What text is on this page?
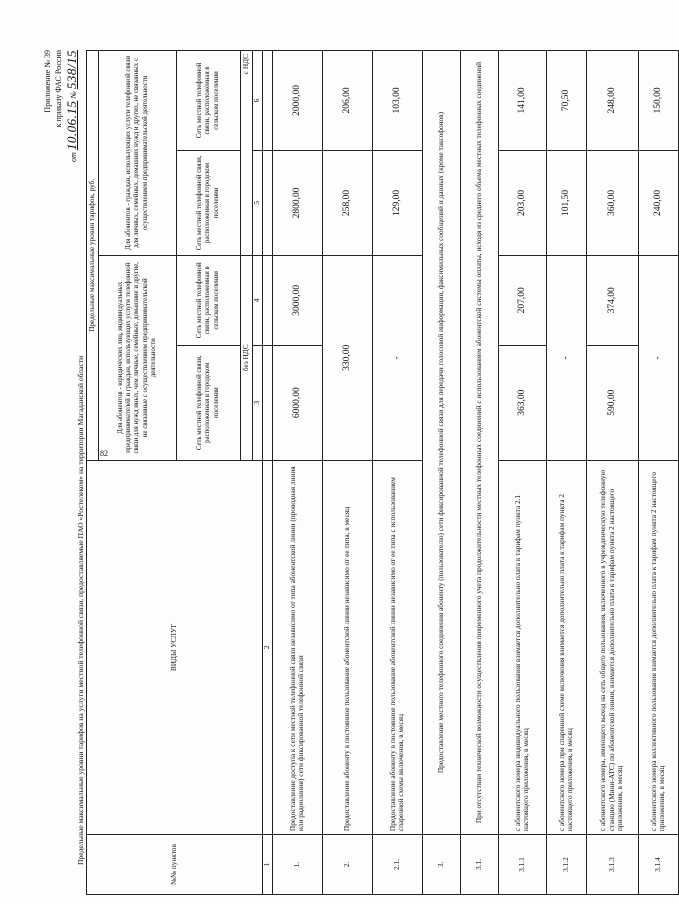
82
Приложение № 39 к приказу ФАС России
от 10.06.15 № 538/15
Предельные максимальные уровни тарифов на услуги местной телефонной связи, предоставляемые ПАО «Ростелеком» на территории Магаданской области	№№ пунктов	ВИДЫ УСЛУГ	Предельные максимальные уровни тарифов, руб.			
		Для абонентов - юридических лиц, индивидуальных предпринимателей и граждан, использующих услуги телефонной связи для нужд иных, чем личные, семейные, домашние и другие, не связанные с осуществлением предпринимательской деятельности		Для абонентов - граждан, использующих услуги телефонной связи для личных, семейных, домашних нужд и других, не связанных с осуществлением предпринимательской деятельности	
		Сеть местной телефонной связи, расположенная в городском поселении	Сеть местной телефонной связи, расположенная в сельском поселении	Сеть местной телефонной связи, расположенная в городском поселении	Сеть местной телефонной связи, расположенная в сельском поселении
		без НДС		с НДС	
		3	4	5	6
1	2				
1.	Предоставление доступа к сети местной телефонной связи независимо от типа абонентской линии (проводная линия или радиолиния) сети фиксированной телефонной связи	6000,00	3000,00	2800,00	2000,00
2.	Предоставление абоненту в постоянное пользование абонентской линии независимо от ее типа, в месяц	330,00		258,00	206,00
2.1.	Предоставление абоненту в постоянное пользование абонентской линии независимо от ее типа с использованием спаренной схемы включения, в месяц	-		129,00	103,00
3.	Предоставление местного телефонного соединения абоненту (пользователю) сети фиксированной телефонной связи для передачи голосовой информации, факсимильных сообщений и данных (кроме таксофонов)				
3.1.	При отсутствии технической возможности осуществления повременного учета продолжительности местных телефонных соединений с использованием абонентской системы оплаты, исходя из среднего объема местных телефонных соединений				
3.1.1	с абонентского номера индивидуального пользования взимается дополнительно плата к тарифам пункта 2.1 настоящего приложения, в месяц	363,00	207,00	203,00	141,00
3.1.2	с абонентского номера при спаренной схеме включения взимается дополнительно плата к тарифам пункта 2 настоящего приложения, в месяц	-		101,50	70,50
3.1.3	с абонентского номера, имеющего выход на сеть общего пользования, включенного в учрежденческую телефонную станцию (Мини-АТС) по абонентской линии, взимается дополнительно плата к тарифам пункта 2 настоящего приложения, в месяц	590,00	374,00	360,00	248,00
3.1.4	с абонентского номера коллективного пользования взимается дополнительно плата к тарифам пункта 2 настоящего приложения, в месяц	-		240,00	150,00
